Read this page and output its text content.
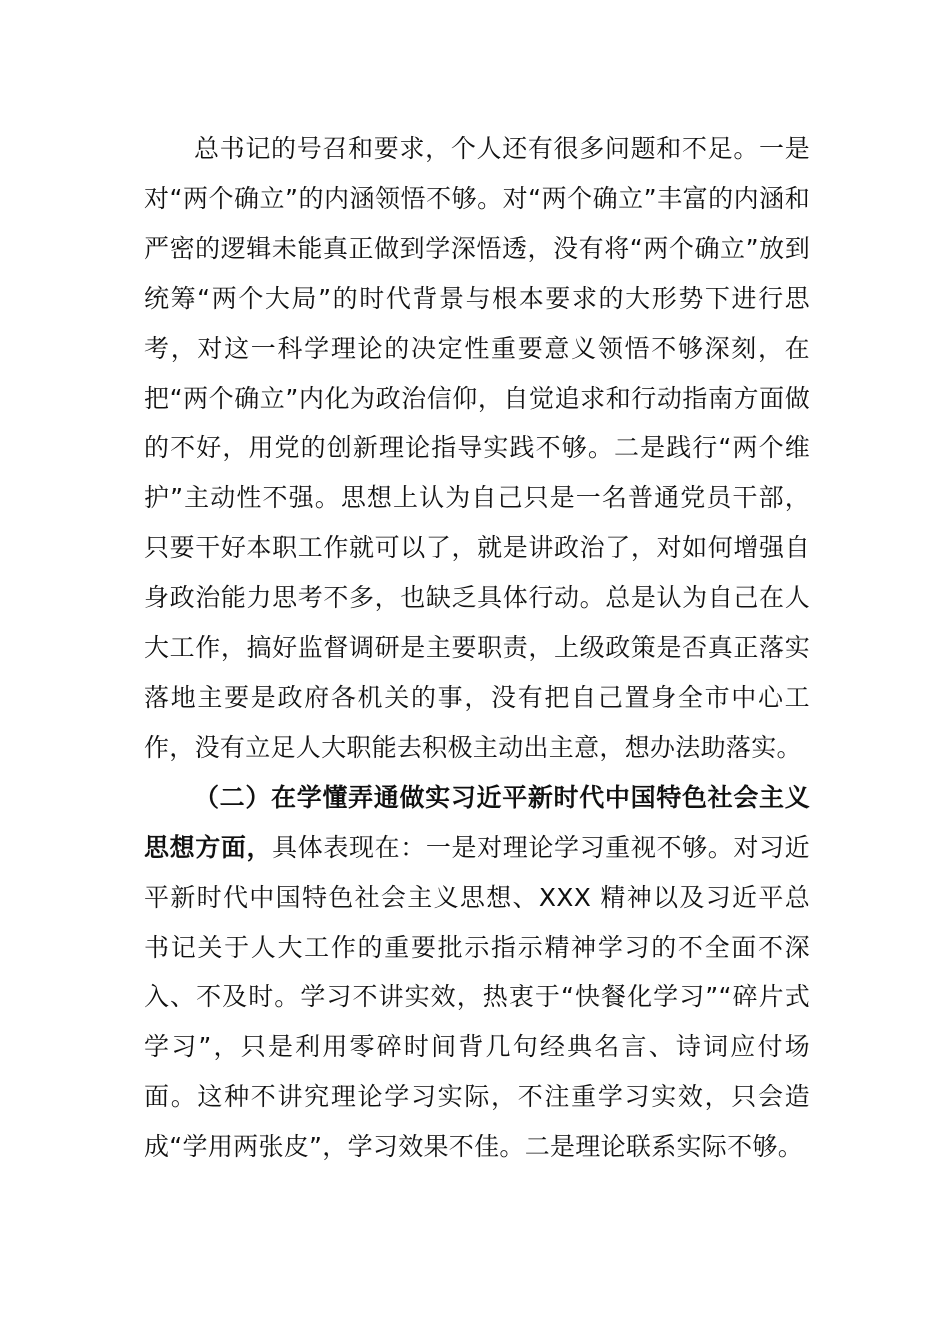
总书记的号召和要求，个人还有很多问题和不足。一是对“两个确立”的内涵领悟不够。对“两个确立”丰富的内涵和严密的逻辑未能真正做到学深悟透，没有将“两个确立”放到统筹“两个大局”的时代背景与根本要求的大形势下进行思考，对这一科学理论的决定性重要意义领悟不够深刻，在把“两个确立”内化为政治信仰，自觉追求和行动指南方面做的不好，用党的创新理论指导实践不够。二是践行“两个维护”主动性不强。思想上认为自己只是一名普通党员干部，只要干好本职工作就可以了，就是讲政治了，对如何增强自身政治能力思考不多，也缺乏具体行动。总是认为自己在人大工作，搞好监督调研是主要职责，上级政策是否真正落实落地主要是政府各机关的事，没有把自己置身全市中心工作，没有立足人大职能去积极主动出主意，想办法助落实。

（二）在学懂弄通做实习近平新时代中国特色社会主义思想方面，具体表现在：一是对理论学习重视不够。对习近平新时代中国特色社会主义思想、XXX 精神以及习近平总书记关于人大工作的重要批示指示精神学习的不全面不深入、不及时。学习不讲实效，热衷于“快餐化学习”“碎片式学习”，只是利用零碎时间背几句经典名言、诗词应付场面。这种不讲究理论学习实际，不注重学习实效，只会造成“学用两张皮”，学习效果不佳。二是理论联系实际不够。
